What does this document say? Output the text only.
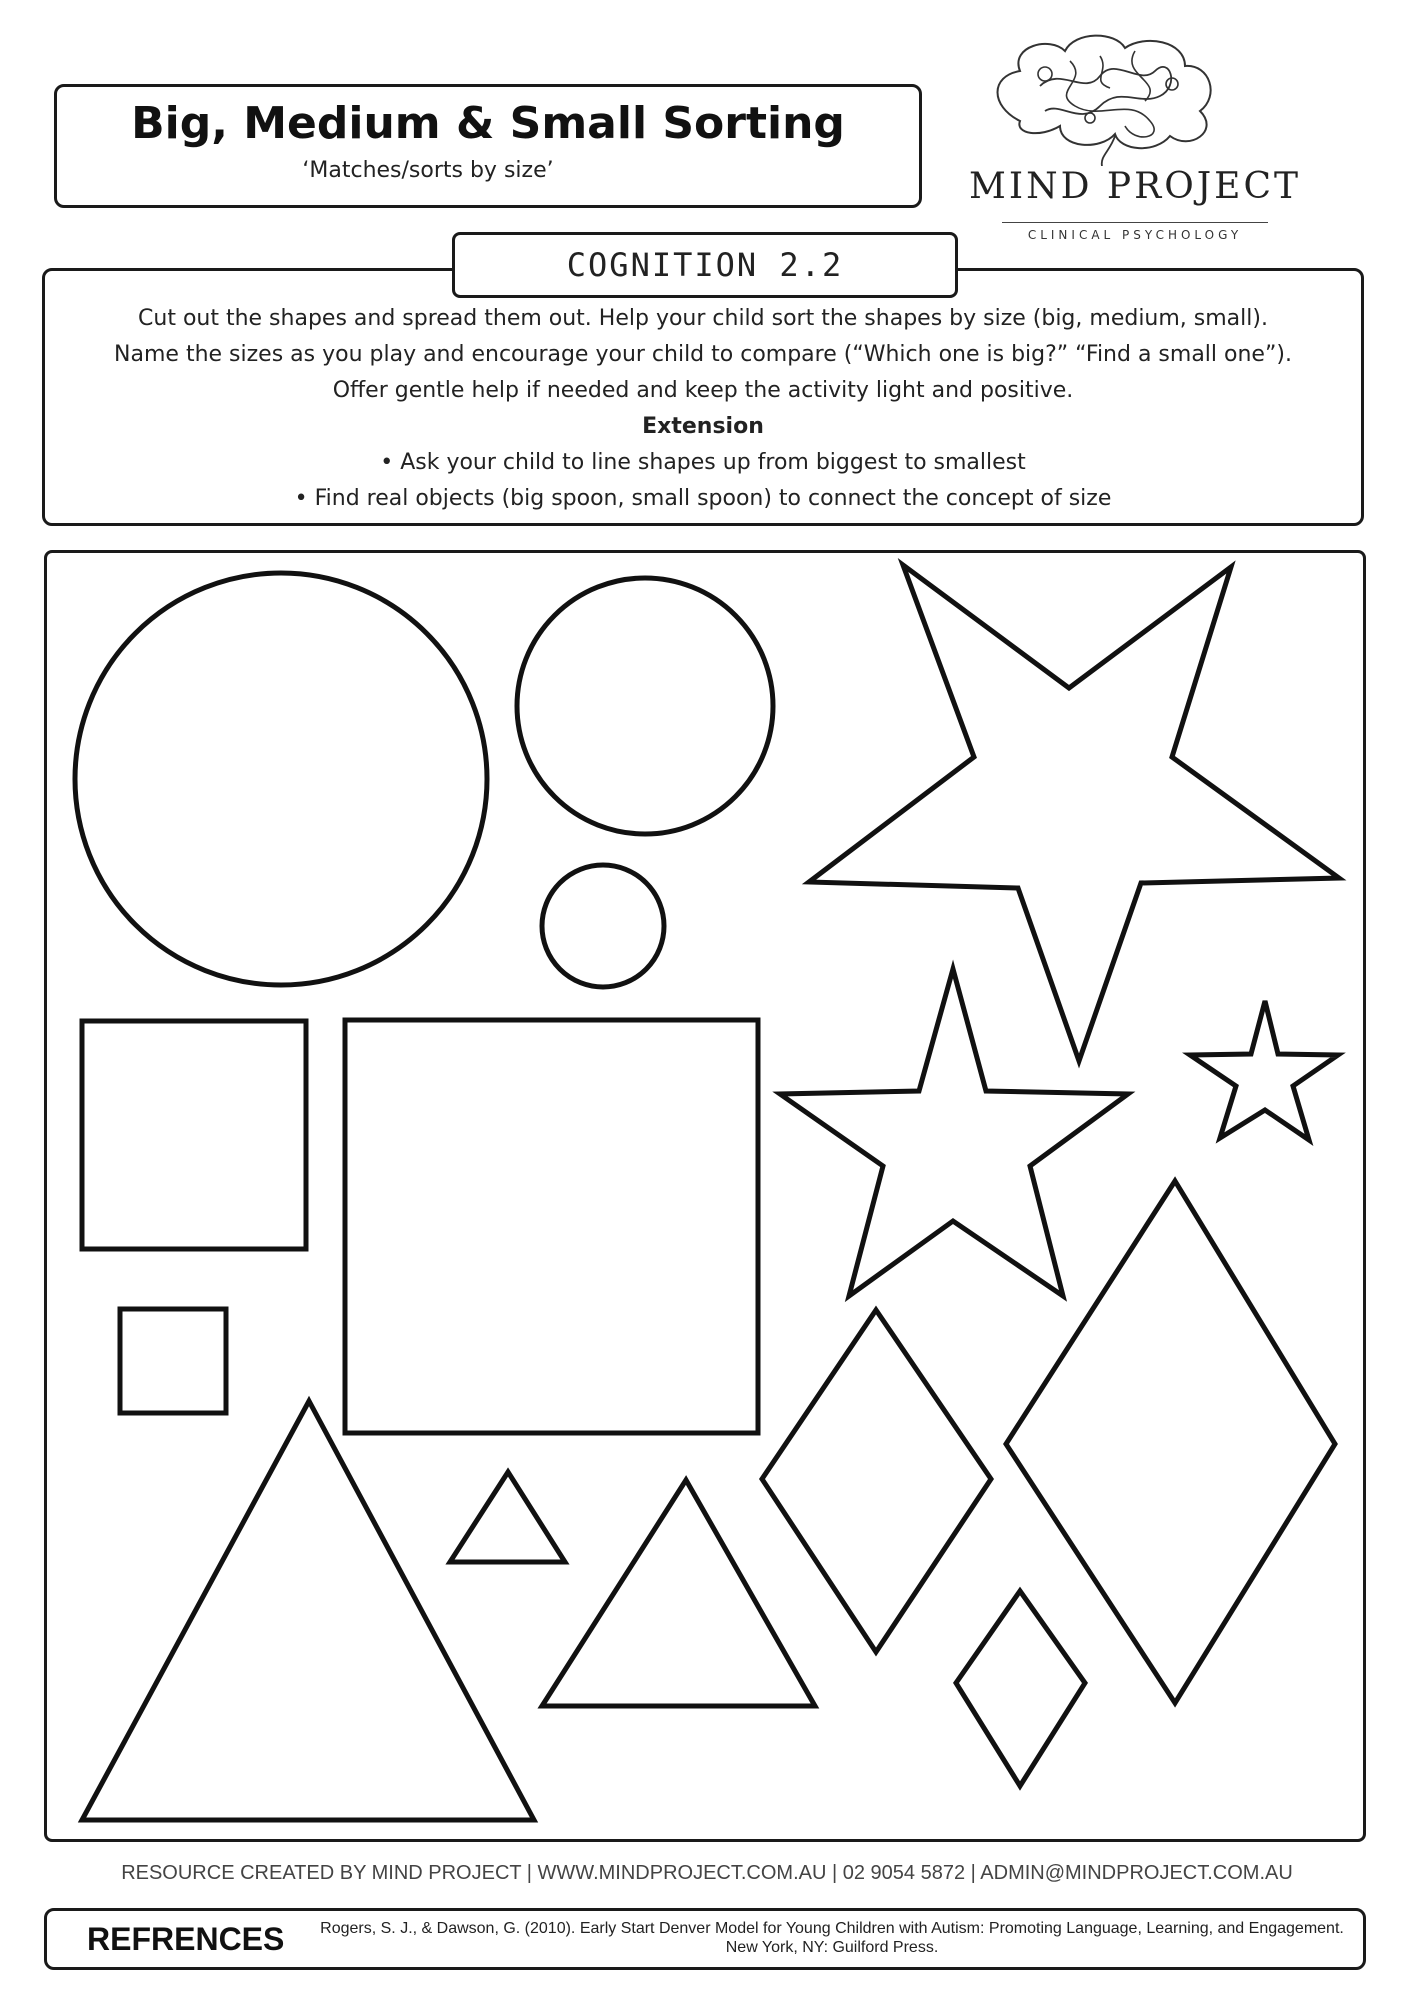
Big, Medium & Small Sorting
‘Matches/sorts by size’	MIND PROJECT
CLINICAL PSYCHOLOGY

Cut out the shapes and spread them out. Help your child sort the shapes by size (big, medium, small).

Name the sizes as you play and encourage your child to compare (“Which one is big?” “Find a small one”).

Offer gentle help if needed and keep the activity light and positive.

Extension

• Ask your child to line shapes up from biggest to smallest

• Find real objects (big spoon, small spoon) to connect the concept of size

COGNITION 2.2
RESOURCE CREATED BY MIND PROJECT | WWW.MINDPROJECT.COM.AU | 02 9054 5872 | ADMIN@MINDPROJECT.COM.AU
REFRENCES	Rogers, S. J., & Dawson, G. (2010). Early Start Denver Model for Young Children with Autism: Promoting Language, Learning, and Engagement. New York, NY: Guilford Press.
